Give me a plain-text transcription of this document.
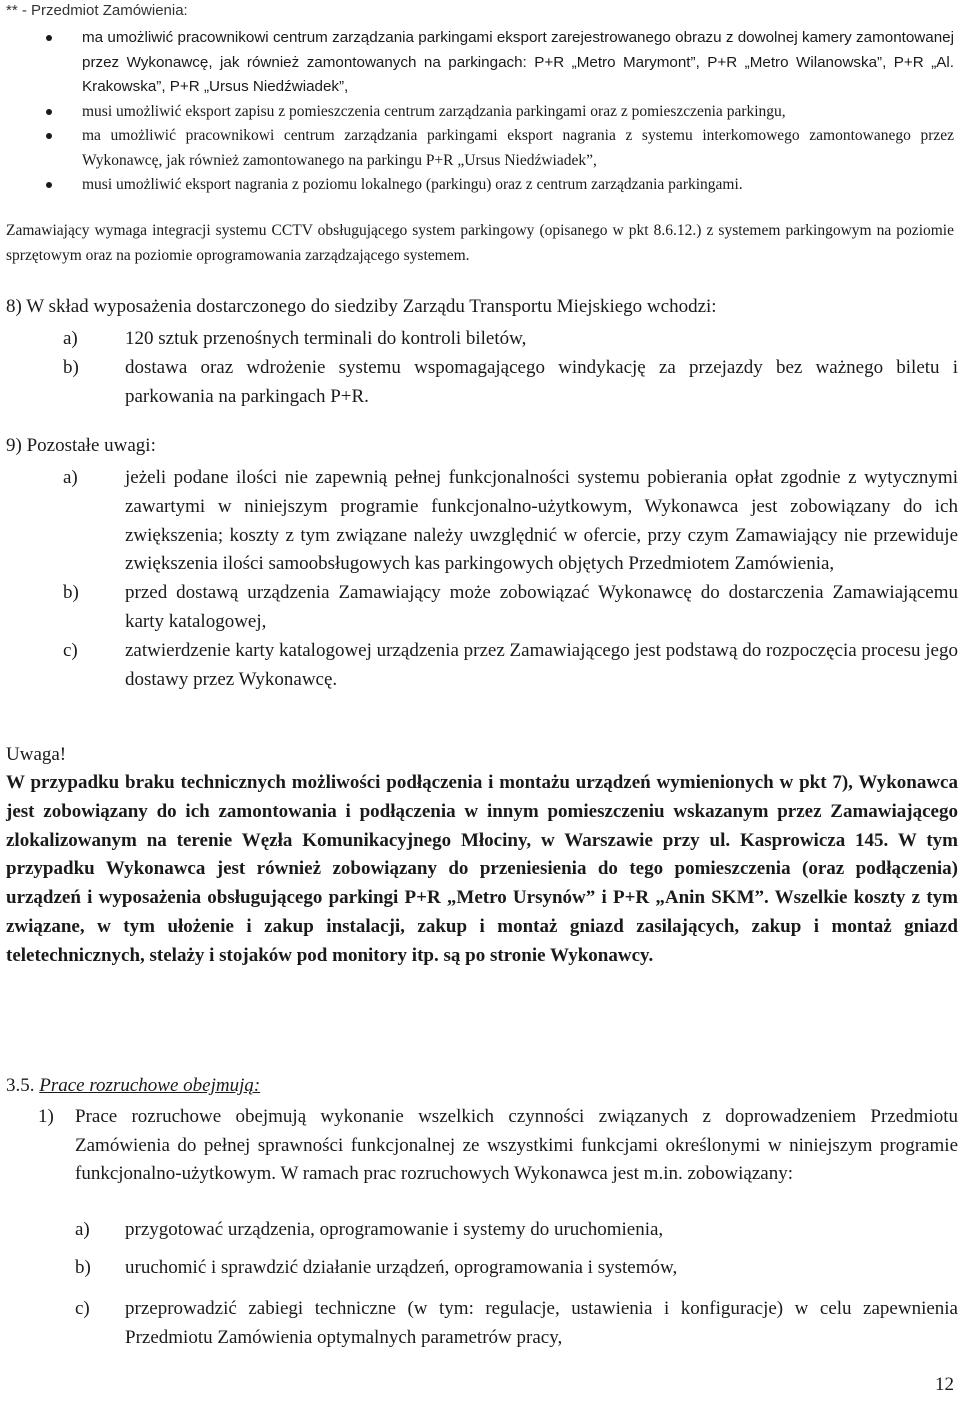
** - Przedmiot Zamówienia:
ma umożliwić pracownikowi centrum zarządzania parkingami eksport zarejestrowanego obrazu z dowolnej kamery zamontowanej przez Wykonawcę, jak również zamontowanych na parkingach: P+R „Metro Marymont”, P+R „Metro Wilanowska”, P+R „Al. Krakowska”, P+R „Ursus Niedźwiadek”,
musi umożliwić eksport zapisu z pomieszczenia centrum zarządzania parkingami oraz z pomieszczenia parkingu,
ma umożliwić pracownikowi centrum zarządzania parkingami eksport nagrania z systemu interkomowego zamontowanego przez Wykonawcę, jak również zamontowanego na parkingu P+R „Ursus Niedźwiadek”,
musi umożliwić eksport nagrania z poziomu lokalnego (parkingu) oraz z centrum zarządzania parkingami.
Zamawiający wymaga integracji systemu CCTV obsługującego system parkingowy (opisanego w pkt 8.6.12.) z systemem parkingowym na poziomie sprzętowym oraz na poziomie oprogramowania zarządzającego systemem.
8) W skład wyposażenia dostarczonego do siedziby Zarządu Transportu Miejskiego wchodzi:
a) 120 sztuk przenośnych terminali do kontroli biletów,
b) dostawa oraz wdrożenie systemu wspomagającego windykację za przejazdy bez ważnego biletu i parkowania na parkingach P+R.
9) Pozostałe uwagi:
a) jeżeli podane ilości nie zapewnią pełnej funkcjonalności systemu pobierania opłat zgodnie z wytycznymi zawartymi w niniejszym programie funkcjonalno-użytkowym, Wykonawca jest zobowiązany do ich zwiększenia; koszty z tym związane należy uwzględnić w ofercie, przy czym Zamawiający nie przewiduje zwiększenia ilości samoobsługowych kas parkingowych objętych Przedmiotem Zamówienia,
b) przed dostawą urządzenia Zamawiający może zobowiązać Wykonawcę do dostarczenia Zamawiającemu karty katalogowej,
c) zatwierdzenie karty katalogowej urządzenia przez Zamawiającego jest podstawą do rozpoczęcia procesu jego dostawy przez Wykonawcę.
Uwaga!
W przypadku braku technicznych możliwości podłączenia i montażu urządzeń wymienionych w pkt 7), Wykonawca jest zobowiązany do ich zamontowania i podłączenia w innym pomieszczeniu wskazanym przez Zamawiającego zlokalizowanym na terenie Węzła Komunikacyjnego Młociny, w Warszawie przy ul. Kasprowicza 145. W tym przypadku Wykonawca jest również zobowiązany do przeniesienia do tego pomieszczenia (oraz podłączenia) urządzeń i wyposażenia obsługującego parkingi P+R „Metro Ursynów” i P+R „Anin SKM”. Wszelkie koszty z tym związane, w tym ułożenie i zakup instalacji, zakup i montaż gniazd zasilających, zakup i montaż gniazd teletechnicznych, stelaży i stojaków pod monitory itp. są po stronie Wykonawcy.
3.5. Prace rozruchowe obejmują:
1) Prace rozruchowe obejmują wykonanie wszelkich czynności związanych z doprowadzeniem Przedmiotu Zamówienia do pełnej sprawności funkcjonalnej ze wszystkimi funkcjami określonymi w niniejszym programie funkcjonalno-użytkowym. W ramach prac rozruchowych Wykonawca jest m.in. zobowiązany:
a) przygotować urządzenia, oprogramowanie i systemy do uruchomienia,
b) uruchomić i sprawdzić działanie urządzeń, oprogramowania i systemów,
c) przeprowadzić zabiegi techniczne (w tym: regulacje, ustawienia i konfiguracje) w celu zapewnienia Przedmiotu Zamówienia optymalnych parametrów pracy,
12
